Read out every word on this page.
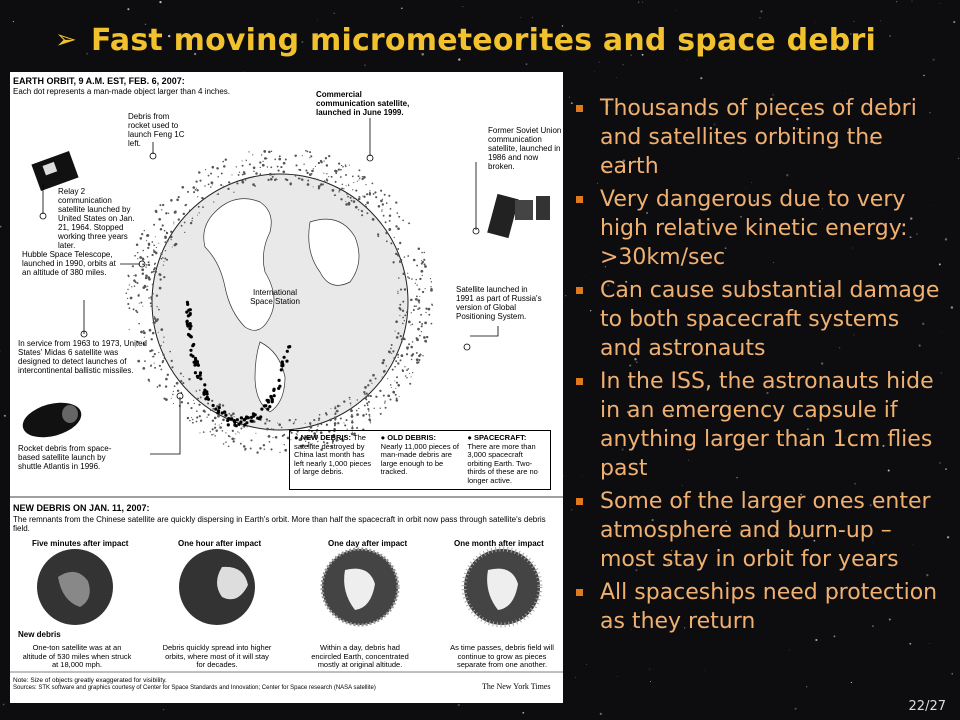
➢ Fast moving micrometeorites and space debri
EARTH ORBIT, 9 A.M. EST, FEB. 6, 2007:
Each dot represents a man-made object larger than 4 inches.
Debris from rocket used to launch Feng 1C left.
Commercial communication satellite, launched in June 1999.
Relay 2 communication satellite launched by United States on Jan. 21, 1964. Stopped working three years later.
Former Soviet Union communication satellite, launched in 1986 and now broken.
Hubble Space Telescope, launched in 1990, orbits at an altitude of 380 miles.
International Space Station
Satellite launched in 1991 as part of Russia's version of Global Positioning System.
In service from 1963 to 1973, United States' Midas 6 satellite was designed to detect launches of intercontinental ballistic missiles.
Rocket debris from space-based satellite launch by shuttle Atlantis in 1996.
● NEW DEBRIS: The satellite destroyed by China last month has left nearly 1,000 pieces of large debris.
● OLD DEBRIS: Nearly 11,000 pieces of man-made debris are large enough to be tracked.
● SPACECRAFT: There are more than 3,000 spacecraft orbiting Earth. Two-thirds of these are no longer active.
NEW DEBRIS ON JAN. 11, 2007:
The remnants from the Chinese satellite are quickly dispersing in Earth's orbit. More than half the spacecraft in orbit now pass through satellite's debris field.
Five minutes after impact	One hour after impact	One day after impact	One month after impact
New debris
One-ton satellite was at an altitude of 530 miles when struck at 18,000 mph.
Debris quickly spread into higher orbits, where most of it will stay for decades.
Within a day, debris had encircled Earth, concentrated mostly at original altitude.
As time passes, debris field will continue to grow as pieces separate from one another.
Note: Size of objects greatly exaggerated for visibility.
Sources: STK software and graphics courtesy of Center for Space Standards and Innovation; Center for Space research (NASA satellite)	The New York Times
Thousands of pieces of debri and satellites orbiting the earth
Very dangerous due to very high relative kinetic energy: >30km/sec
Can cause substantial damage to both spacecraft systems and astronauts
In the ISS, the astronauts hide in an emergency capsule if anything larger than 1cm flies past
Some of the larger ones enter atmosphere and burn-up – most stay in orbit for years
All spaceships need protection as they return
22/27
